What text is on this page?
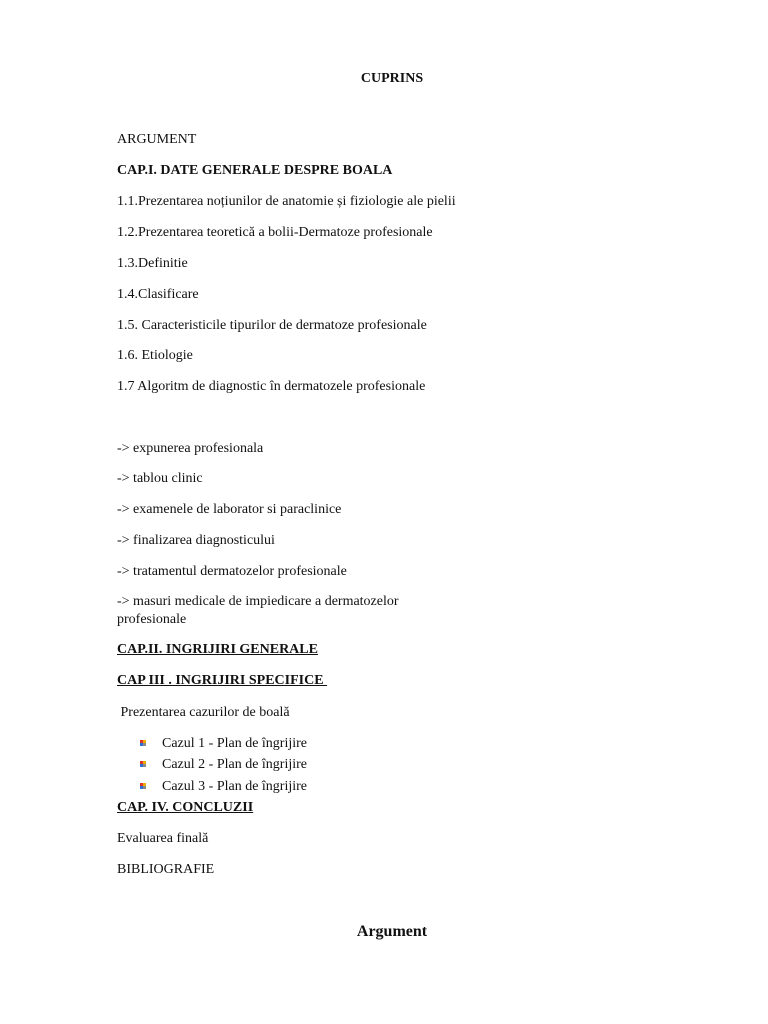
CUPRINS
ARGUMENT
CAP.I. DATE GENERALE DESPRE BOALA
1.1.Prezentarea noțiunilor de anatomie și fiziologie ale pielii
1.2.Prezentarea teoretică a bolii-Dermatoze profesionale
1.3.Definitie
1.4.Clasificare
1.5. Caracteristicile tipurilor de dermatoze profesionale
1.6. Etiologie
1.7 Algoritm de diagnostic în dermatozele profesionale
-> expunerea profesionala
-> tablou clinic
-> examenele de laborator si paraclinice
-> finalizarea diagnosticului
-> tratamentul dermatozelor profesionale
-> masuri medicale de impiedicare a dermatozelor profesionale
CAP.II. INGRIJIRI GENERALE
CAP III . INGRIJIRI SPECIFICE
Prezentarea cazurilor de boală
Cazul 1 - Plan de îngrijire
Cazul 2 - Plan de îngrijire
Cazul 3 - Plan de îngrijire
CAP. IV. CONCLUZII
Evaluarea finală
BIBLIOGRAFIE
Argument
